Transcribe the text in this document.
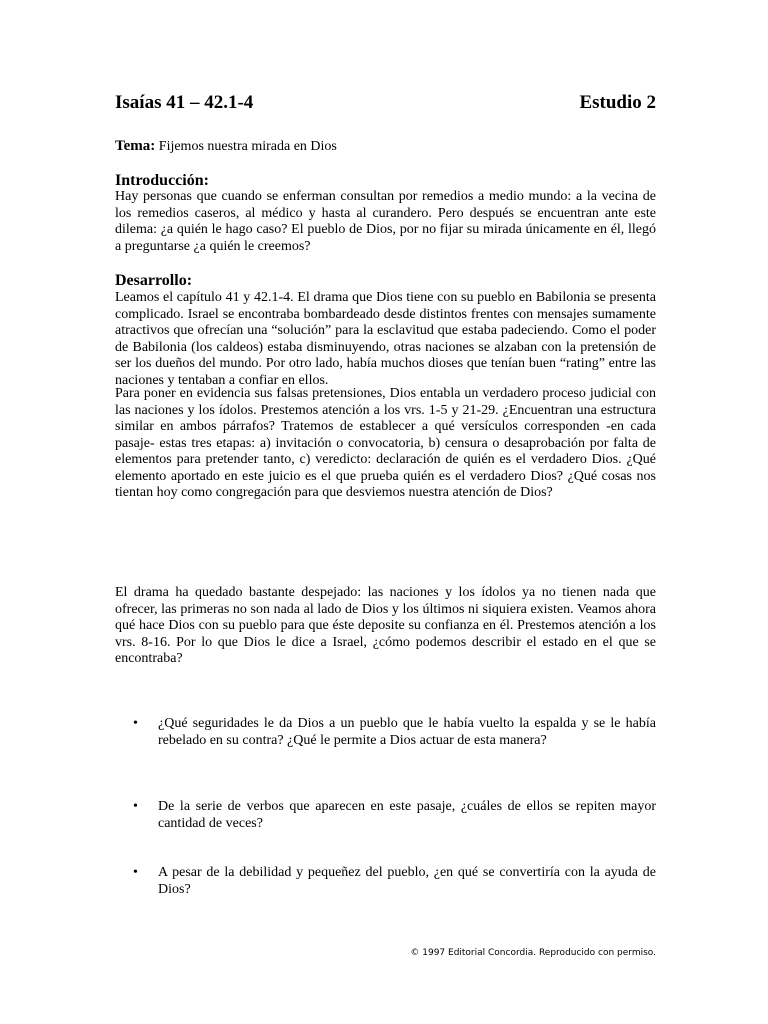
Isaías 41 – 42.1-4	Estudio 2
Tema: Fijemos nuestra mirada en Dios
Introducción:

Hay personas que cuando se enferman consultan por remedios a medio mundo: a la vecina de los remedios caseros, al médico y hasta al curandero. Pero después se encuentran ante este dilema: ¿a quién le hago caso? El pueblo de Dios, por no fijar su mirada únicamente en él, llegó a preguntarse ¿a quién le creemos?

Desarrollo:

Leamos el capítulo 41 y 42.1-4. El drama que Dios tiene con su pueblo en Babilonia se presenta complicado. Israel se encontraba bombardeado desde distintos frentes con mensajes sumamente atractivos que ofrecían una “solución” para la esclavitud que estaba padeciendo. Como el poder de Babilonia (los caldeos) estaba disminuyendo, otras naciones se alzaban con la pretensión de ser los dueños del mundo. Por otro lado, había muchos dioses que tenían buen “rating” entre las naciones y tentaban a confiar en ellos.

Para poner en evidencia sus falsas pretensiones, Dios entabla un verdadero proceso judicial con las naciones y los ídolos. Prestemos atención a los vrs. 1-5 y 21-29. ¿Encuentran una estructura similar en ambos párrafos? Tratemos de establecer a qué versículos corresponden -en cada pasaje- estas tres etapas: a) invitación o convocatoria, b) censura o desaprobación por falta de elementos para pretender tanto, c) veredicto: declaración de quién es el verdadero Dios. ¿Qué elemento aportado en este juicio es el que prueba quién es el verdadero Dios? ¿Qué cosas nos tientan hoy como congregación para que desviemos nuestra atención de Dios?

El drama ha quedado bastante despejado: las naciones y los ídolos ya no tienen nada que ofrecer, las primeras no son nada al lado de Dios y los últimos ni siquiera existen. Veamos ahora qué hace Dios con su pueblo para que éste deposite su confianza en él. Prestemos atención a los vrs. 8-16. Por lo que Dios le dice a Israel, ¿cómo podemos describir el estado en el que se encontraba?

• ¿Qué seguridades le da Dios a un pueblo que le había vuelto la espalda y se le había rebelado en su contra? ¿Qué le permite a Dios actuar de esta manera?

• De la serie de verbos que aparecen en este pasaje, ¿cuáles de ellos se repiten mayor cantidad de veces?

• A pesar de la debilidad y pequeñez del pueblo, ¿en qué se convertiría con la ayuda de Dios?

© 1997 Editorial Concordia. Reproducido con permiso.
